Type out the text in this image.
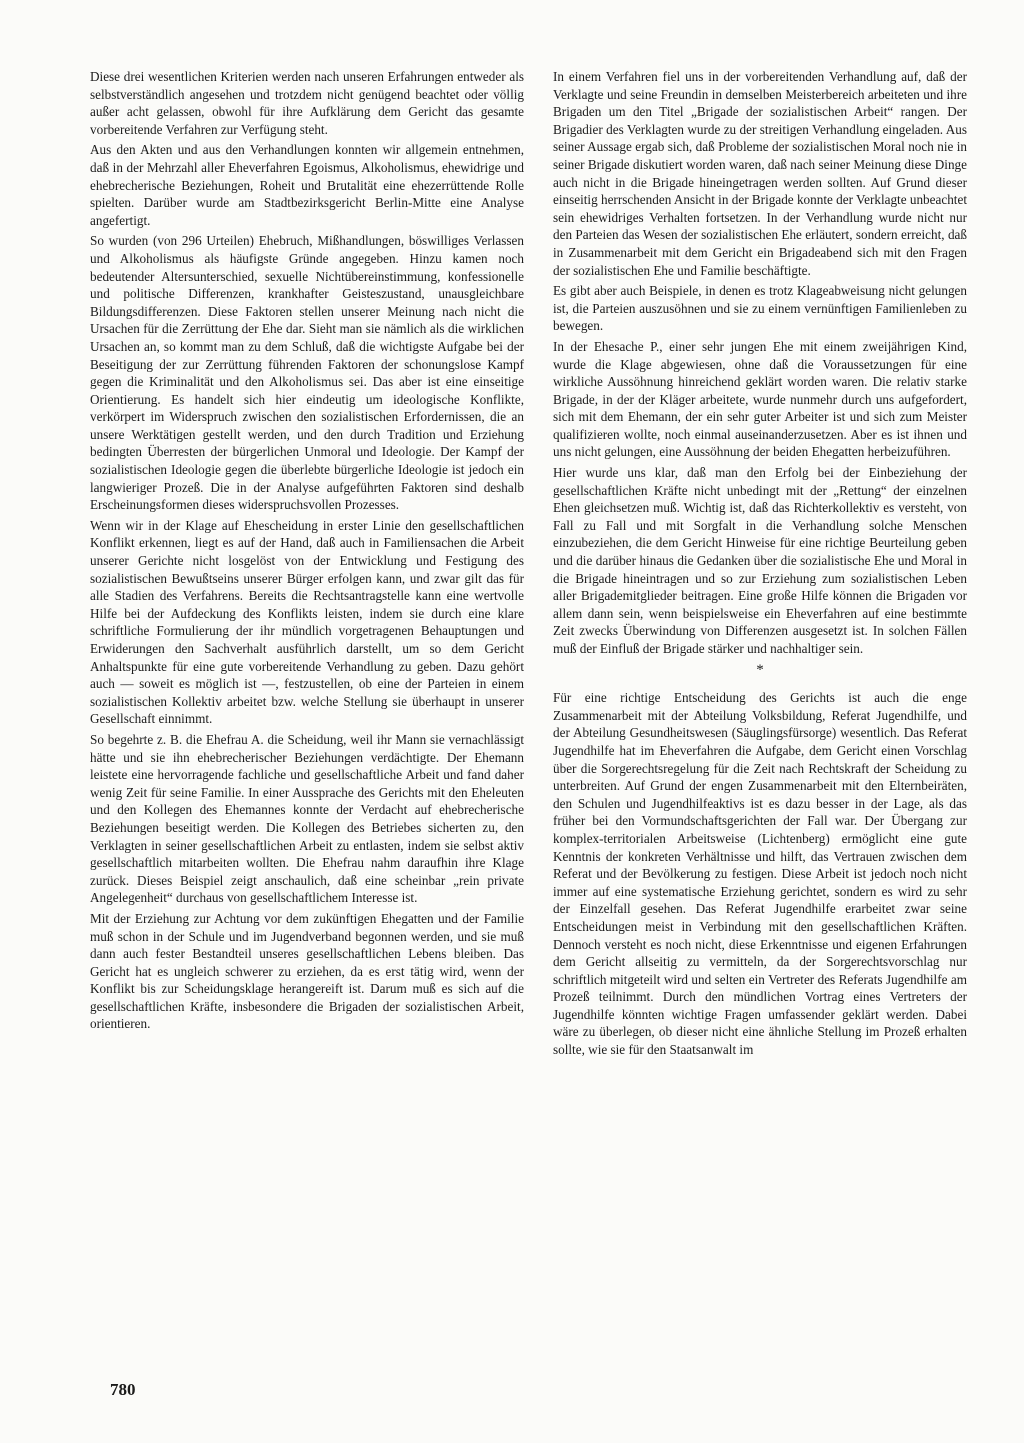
Diese drei wesentlichen Kriterien werden nach unseren Erfahrungen entweder als selbstverständlich angesehen und trotzdem nicht genügend beachtet oder völlig außer acht gelassen, obwohl für ihre Aufklärung dem Gericht das gesamte vorbereitende Verfahren zur Verfügung steht.

Aus den Akten und aus den Verhandlungen konnten wir allgemein entnehmen, daß in der Mehrzahl aller Eheverfahren Egoismus, Alkoholismus, ehewidrige und ehebrecherische Beziehungen, Roheit und Brutalität eine ehezerrüttende Rolle spielten. Darüber wurde am Stadtbezirksgericht Berlin-Mitte eine Analyse angefertigt.

So wurden (von 296 Urteilen) Ehebruch, Mißhandlungen, böswilliges Verlassen und Alkoholismus als häufigste Gründe angegeben. Hinzu kamen noch bedeutender Altersunterschied, sexuelle Nichtübereinstimmung, konfessionelle und politische Differenzen, krankhafter Geisteszustand, unausgleichbare Bildungsdifferenzen. Diese Faktoren stellen unserer Meinung nach nicht die Ursachen für die Zerrüttung der Ehe dar. Sieht man sie nämlich als die wirklichen Ursachen an, so kommt man zu dem Schluß, daß die wichtigste Aufgabe bei der Beseitigung der zur Zerrüttung führenden Faktoren der schonungslose Kampf gegen die Kriminalität und den Alkoholismus sei. Das aber ist eine einseitige Orientierung. Es handelt sich hier eindeutig um ideologische Konflikte, verkörpert im Widerspruch zwischen den sozialistischen Erfordernissen, die an unsere Werktätigen gestellt werden, und den durch Tradition und Erziehung bedingten Überresten der bürgerlichen Unmoral und Ideologie. Der Kampf der sozialistischen Ideologie gegen die überlebte bürgerliche Ideologie ist jedoch ein langwieriger Prozeß. Die in der Analyse aufgeführten Faktoren sind deshalb Erscheinungsformen dieses widerspruchsvollen Prozesses.

Wenn wir in der Klage auf Ehescheidung in erster Linie den gesellschaftlichen Konflikt erkennen, liegt es auf der Hand, daß auch in Familiensachen die Arbeit unserer Gerichte nicht losgelöst von der Entwicklung und Festigung des sozialistischen Bewußtseins unserer Bürger erfolgen kann, und zwar gilt das für alle Stadien des Verfahrens. Bereits die Rechtsantragstelle kann eine wertvolle Hilfe bei der Aufdeckung des Konflikts leisten, indem sie durch eine klare schriftliche Formulierung der ihr mündlich vorgetragenen Behauptungen und Erwiderungen den Sachverhalt ausführlich darstellt, um so dem Gericht Anhaltspunkte für eine gute vorbereitende Verhandlung zu geben. Dazu gehört auch — soweit es möglich ist —, festzustellen, ob eine der Parteien in einem sozialistischen Kollektiv arbeitet bzw. welche Stellung sie überhaupt in unserer Gesellschaft einnimmt.

So begehrte z. B. die Ehefrau A. die Scheidung, weil ihr Mann sie vernachlässigt hätte und sie ihn ehebrecherischer Beziehungen verdächtigte. Der Ehemann leistete eine hervorragende fachliche und gesellschaftliche Arbeit und fand daher wenig Zeit für seine Familie. In einer Aussprache des Gerichts mit den Eheleuten und den Kollegen des Ehemannes konnte der Verdacht auf ehebrecherische Beziehungen beseitigt werden. Die Kollegen des Betriebes sicherten zu, den Verklagten in seiner gesellschaftlichen Arbeit zu entlasten, indem sie selbst aktiv gesellschaftlich mitarbeiten wollten. Die Ehefrau nahm daraufhin ihre Klage zurück. Dieses Beispiel zeigt anschaulich, daß eine scheinbar „rein private Angelegenheit“ durchaus von gesellschaftlichem Interesse ist.

Mit der Erziehung zur Achtung vor dem zukünftigen Ehegatten und der Familie muß schon in der Schule und im Jugendverband begonnen werden, und sie muß dann auch fester Bestandteil unseres gesellschaftlichen Lebens bleiben. Das Gericht hat es ungleich schwerer zu erziehen, da es erst tätig wird, wenn der Konflikt bis zur Scheidungsklage herangereift ist. Darum muß es sich auf die gesellschaftlichen Kräfte, insbesondere die Brigaden der sozialistischen Arbeit, orientieren.

In einem Verfahren fiel uns in der vorbereitenden Verhandlung auf, daß der Verklagte und seine Freundin in demselben Meisterbereich arbeiteten und ihre Brigaden um den Titel „Brigade der sozialistischen Arbeit“ rangen. Der Brigadier des Verklagten wurde zu der streitigen Verhandlung eingeladen. Aus seiner Aussage ergab sich, daß Probleme der sozialistischen Moral noch nie in seiner Brigade diskutiert worden waren, daß nach seiner Meinung diese Dinge auch nicht in die Brigade hineingetragen werden sollten. Auf Grund dieser einseitig herrschenden Ansicht in der Brigade konnte der Verklagte unbeachtet sein ehewidriges Verhalten fortsetzen. In der Verhandlung wurde nicht nur den Parteien das Wesen der sozialistischen Ehe erläutert, sondern erreicht, daß in Zusammenarbeit mit dem Gericht ein Brigadeabend sich mit den Fragen der sozialistischen Ehe und Familie beschäftigte.

Es gibt aber auch Beispiele, in denen es trotz Klageabweisung nicht gelungen ist, die Parteien auszusöhnen und sie zu einem vernünftigen Familienleben zu bewegen.

In der Ehesache P., einer sehr jungen Ehe mit einem zweijährigen Kind, wurde die Klage abgewiesen, ohne daß die Voraussetzungen für eine wirkliche Aussöhnung hinreichend geklärt worden waren. Die relativ starke Brigade, in der der Kläger arbeitete, wurde nunmehr durch uns aufgefordert, sich mit dem Ehemann, der ein sehr guter Arbeiter ist und sich zum Meister qualifizieren wollte, noch einmal auseinanderzusetzen. Aber es ist ihnen und uns nicht gelungen, eine Aussöhnung der beiden Ehegatten herbeizuführen.

Hier wurde uns klar, daß man den Erfolg bei der Einbeziehung der gesellschaftlichen Kräfte nicht unbedingt mit der „Rettung“ der einzelnen Ehen gleichsetzen muß. Wichtig ist, daß das Richterkollektiv es versteht, von Fall zu Fall und mit Sorgfalt in die Verhandlung solche Menschen einzubeziehen, die dem Gericht Hinweise für eine richtige Beurteilung geben und die darüber hinaus die Gedanken über die sozialistische Ehe und Moral in die Brigade hineintragen und so zur Erziehung zum sozialistischen Leben aller Brigademitglieder beitragen. Eine große Hilfe können die Brigaden vor allem dann sein, wenn beispielsweise ein Eheverfahren auf eine bestimmte Zeit zwecks Überwindung von Differenzen ausgesetzt ist. In solchen Fällen muß der Einfluß der Brigade stärker und nachhaltiger sein.

*

Für eine richtige Entscheidung des Gerichts ist auch die enge Zusammenarbeit mit der Abteilung Volksbildung, Referat Jugendhilfe, und der Abteilung Gesundheitswesen (Säuglingsfürsorge) wesentlich. Das Referat Jugendhilfe hat im Eheverfahren die Aufgabe, dem Gericht einen Vorschlag über die Sorgerechtsregelung für die Zeit nach Rechtskraft der Scheidung zu unterbreiten. Auf Grund der engen Zusammenarbeit mit den Elternbeiräten, den Schulen und Jugendhilfeaktivs ist es dazu besser in der Lage, als das früher bei den Vormundschaftsgerichten der Fall war. Der Übergang zur komplex-territorialen Arbeitsweise (Lichtenberg) ermöglicht eine gute Kenntnis der konkreten Verhältnisse und hilft, das Vertrauen zwischen dem Referat und der Bevölkerung zu festigen. Diese Arbeit ist jedoch noch nicht immer auf eine systematische Erziehung gerichtet, sondern es wird zu sehr der Einzelfall gesehen. Das Referat Jugendhilfe erarbeitet zwar seine Entscheidungen meist in Verbindung mit den gesellschaftlichen Kräften. Dennoch versteht es noch nicht, diese Erkenntnisse und eigenen Erfahrungen dem Gericht allseitig zu vermitteln, da der Sorgerechtsvorschlag nur schriftlich mitgeteilt wird und selten ein Vertreter des Referats Jugendhilfe am Prozeß teilnimmt. Durch den mündlichen Vortrag eines Vertreters der Jugendhilfe könnten wichtige Fragen umfassender geklärt werden. Dabei wäre zu überlegen, ob dieser nicht eine ähnliche Stellung im Prozeß erhalten sollte, wie sie für den Staatsanwalt im

780
